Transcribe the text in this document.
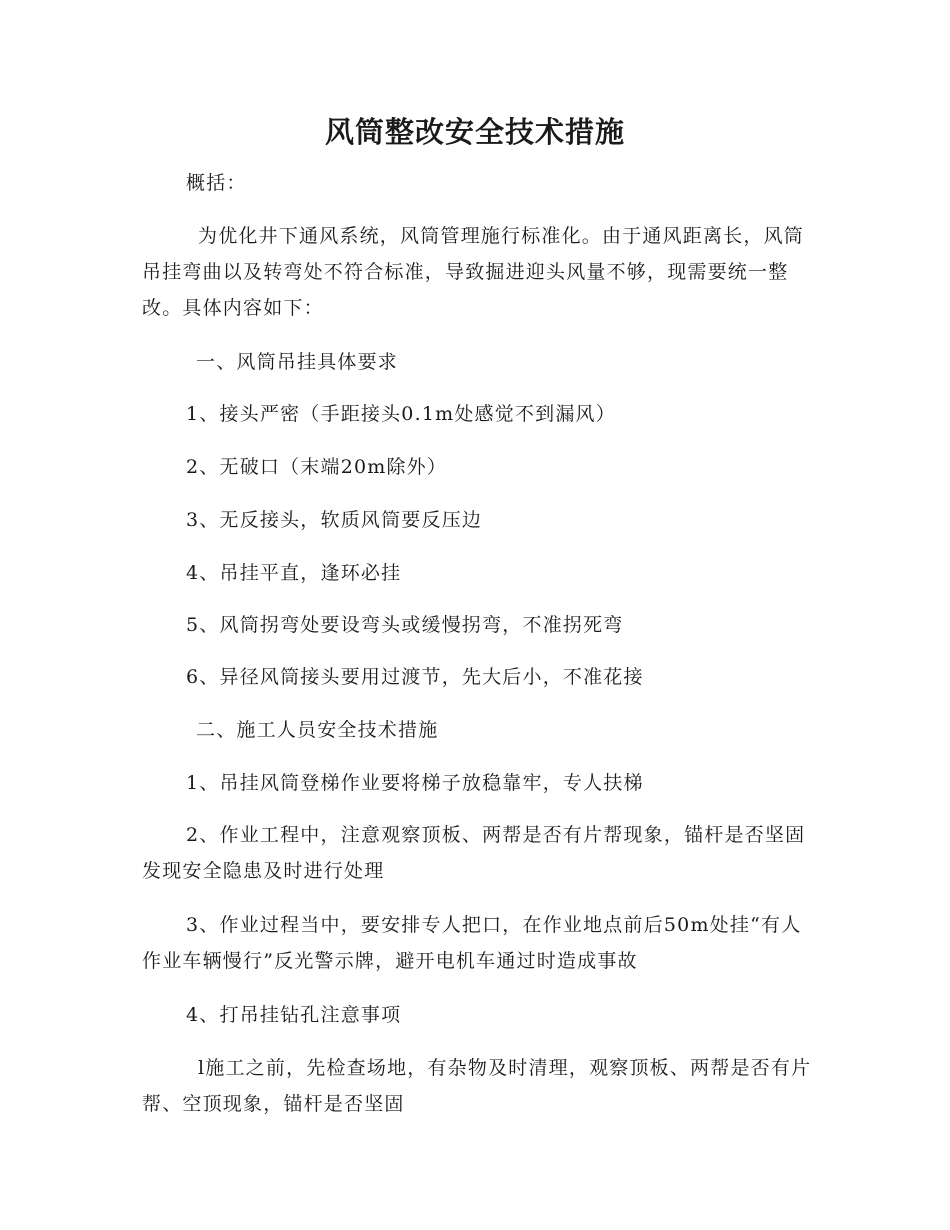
风筒整改安全技术措施
概括：
为优化井下通风系统，风筒管理施行标准化。由于通风距离长，风筒吊挂弯曲以及转弯处不符合标准，导致掘进迎头风量不够，现需要统一整改。具体内容如下：
一、风筒吊挂具体要求
1、接头严密（手距接头0.1m处感觉不到漏风）
2、无破口（末端20m除外）
3、无反接头，软质风筒要反压边
4、吊挂平直，逢环必挂
5、风筒拐弯处要设弯头或缓慢拐弯，不准拐死弯
6、异径风筒接头要用过渡节，先大后小，不准花接
二、施工人员安全技术措施
1、吊挂风筒登梯作业要将梯子放稳靠牢，专人扶梯
2、作业工程中，注意观察顶板、两帮是否有片帮现象，锚杆是否坚固发现安全隐患及时进行处理
3、作业过程当中，要安排专人把口，在作业地点前后50m处挂“有人作业车辆慢行”反光警示牌，避开电机车通过时造成事故
4、打吊挂钻孔注意事项
l施工之前，先检查场地，有杂物及时清理，观察顶板、两帮是否有片帮、空顶现象，锚杆是否坚固
